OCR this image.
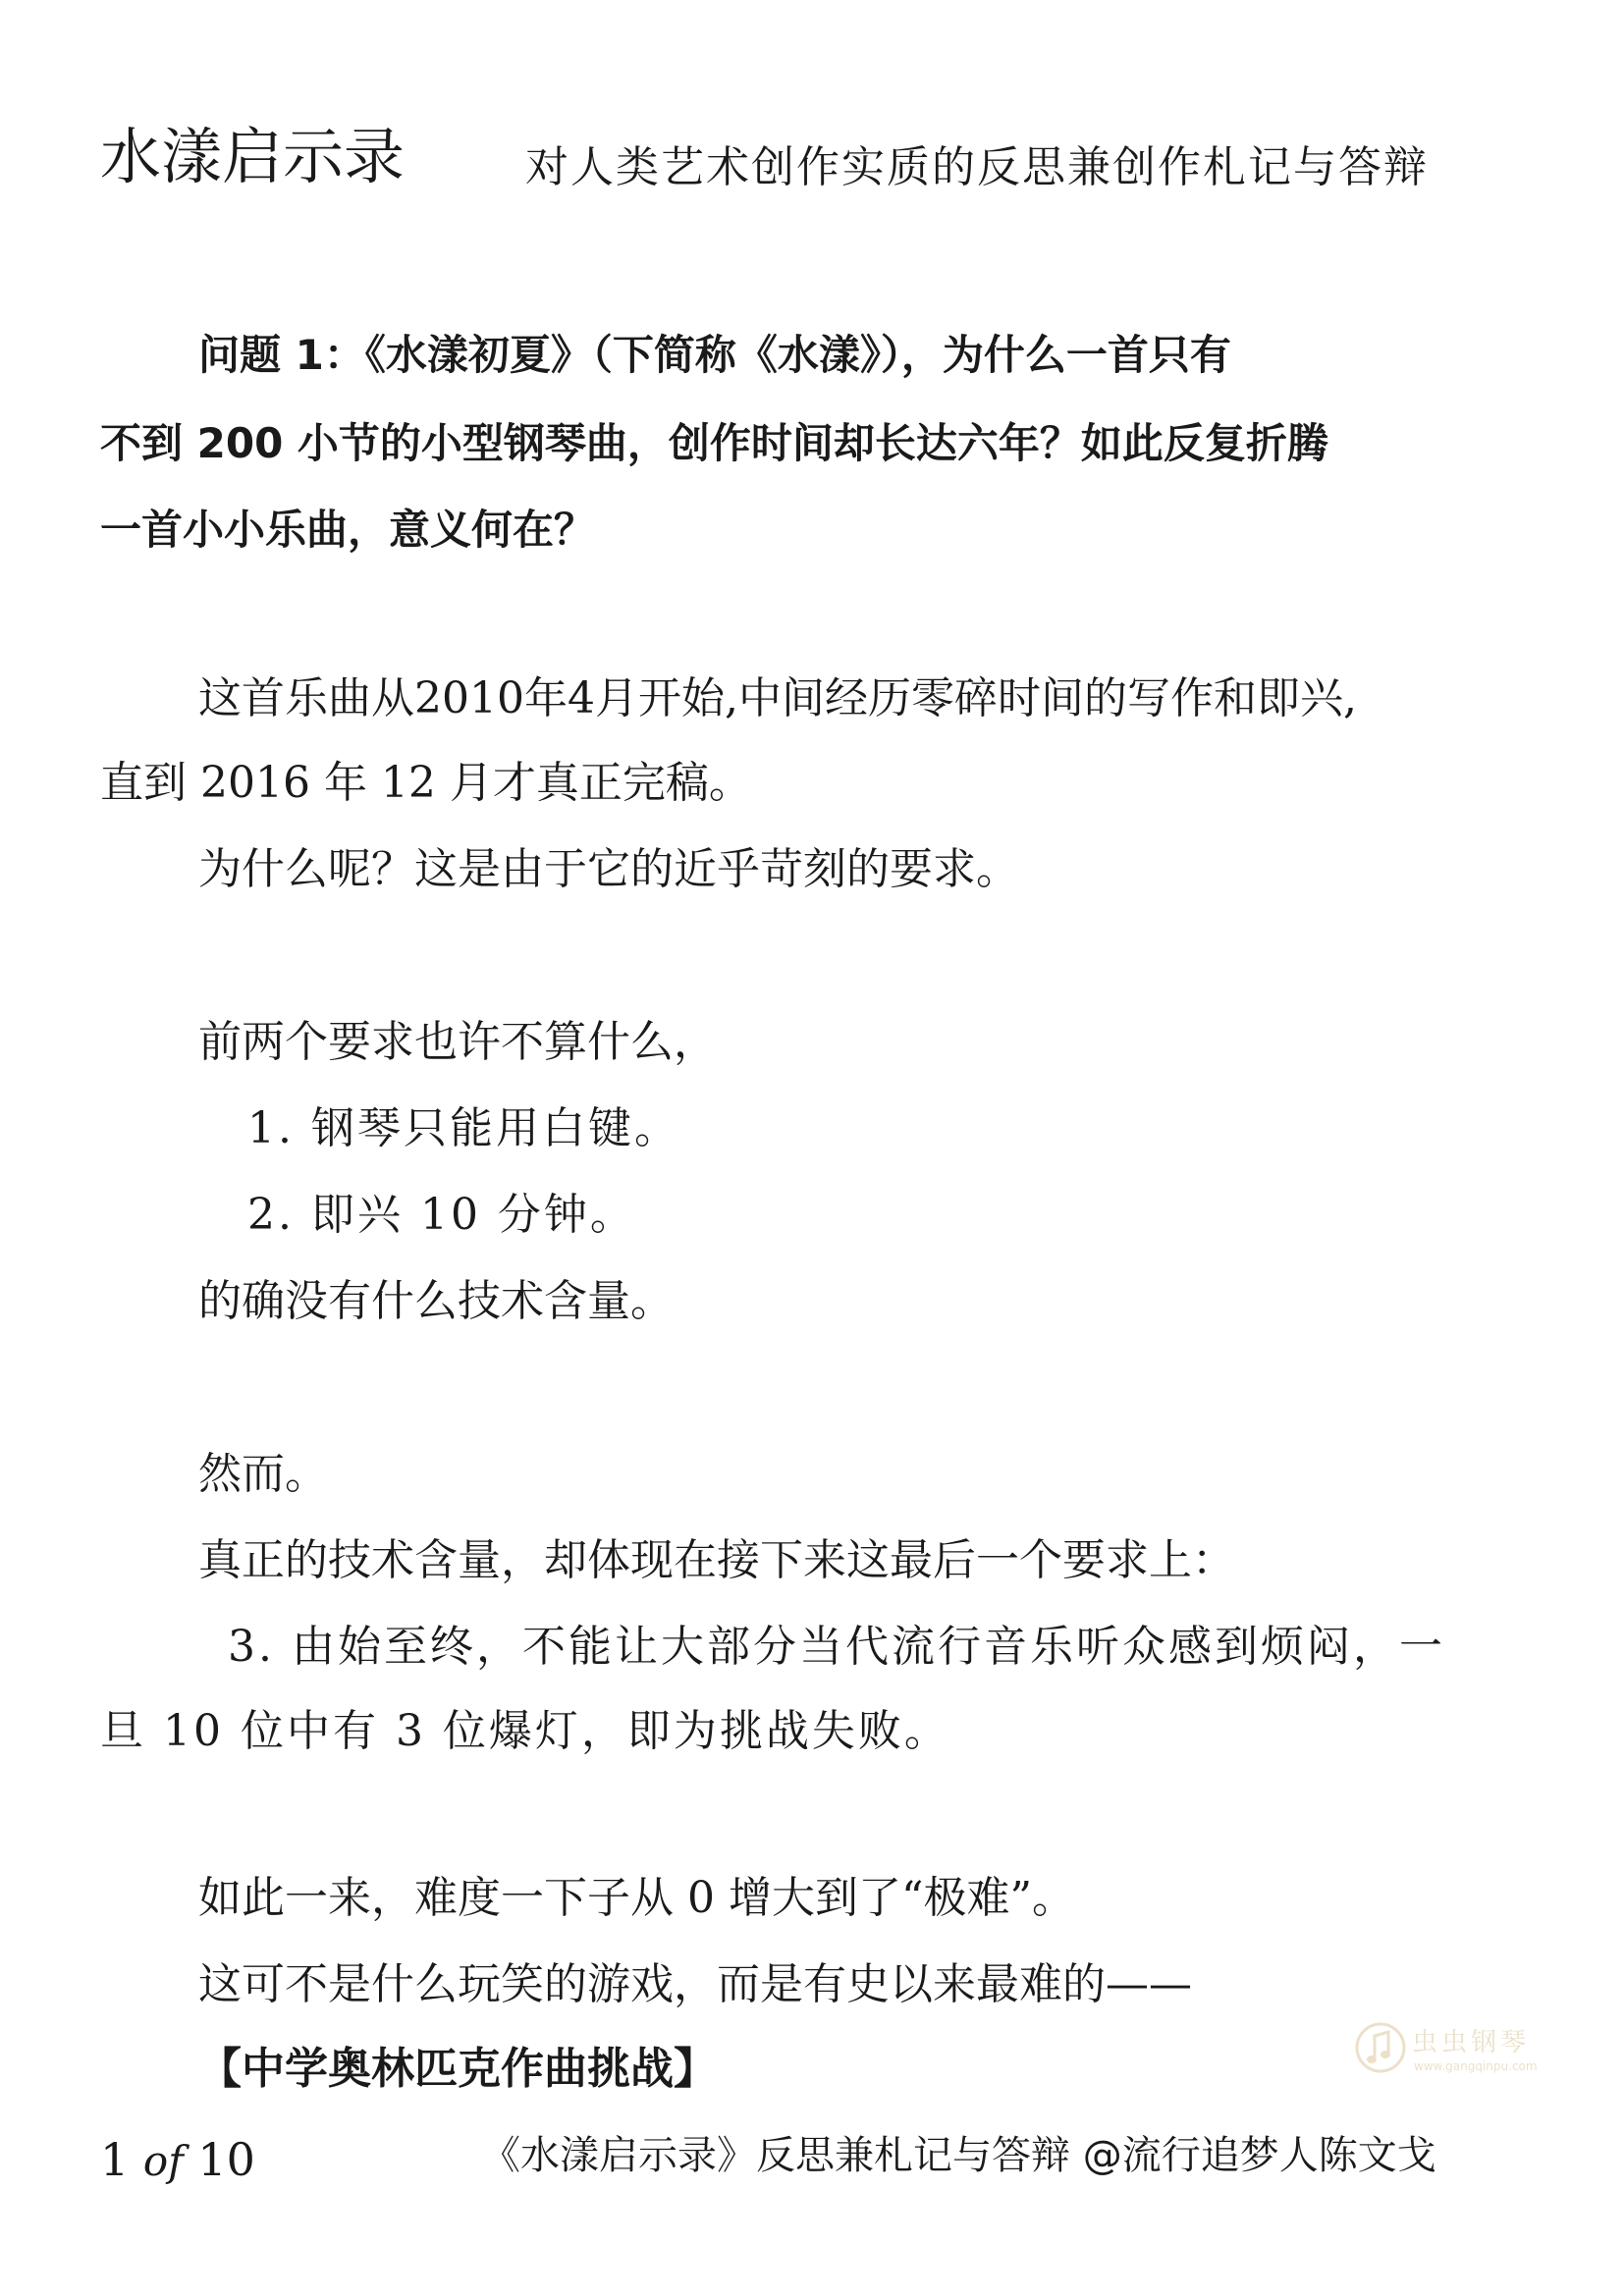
水漾启示录	对人类艺术创作实质的反思兼创作札记与答辩
问题 1：《水漾初夏》（下简称《水漾》），为什么一首只有
不到 200 小节的小型钢琴曲，创作时间却长达六年？如此反复折腾
一首小小乐曲，意义何在？
这首乐曲从2010年4月开始,中间经历零碎时间的写作和即兴,
直到 2016 年 12 月才真正完稿。
为什么呢？这是由于它的近乎苛刻的要求。
前两个要求也许不算什么，
1. 钢琴只能用白键。
2. 即兴 10 分钟。
的确没有什么技术含量。
然而。
真正的技术含量，却体现在接下来这最后一个要求上：
3. 由始至终，不能让大部分当代流行音乐听众感到烦闷，一
旦 10 位中有 3 位爆灯，即为挑战失败。
如此一来，难度一下子从 0 增大到了“极难”。
这可不是什么玩笑的游戏，而是有史以来最难的——
【中学奥林匹克作曲挑战】
虫虫钢琴
www.gangqinpu.com
1 of 10	《水漾启示录》反思兼札记与答辩 @流行追梦人陈文戈
